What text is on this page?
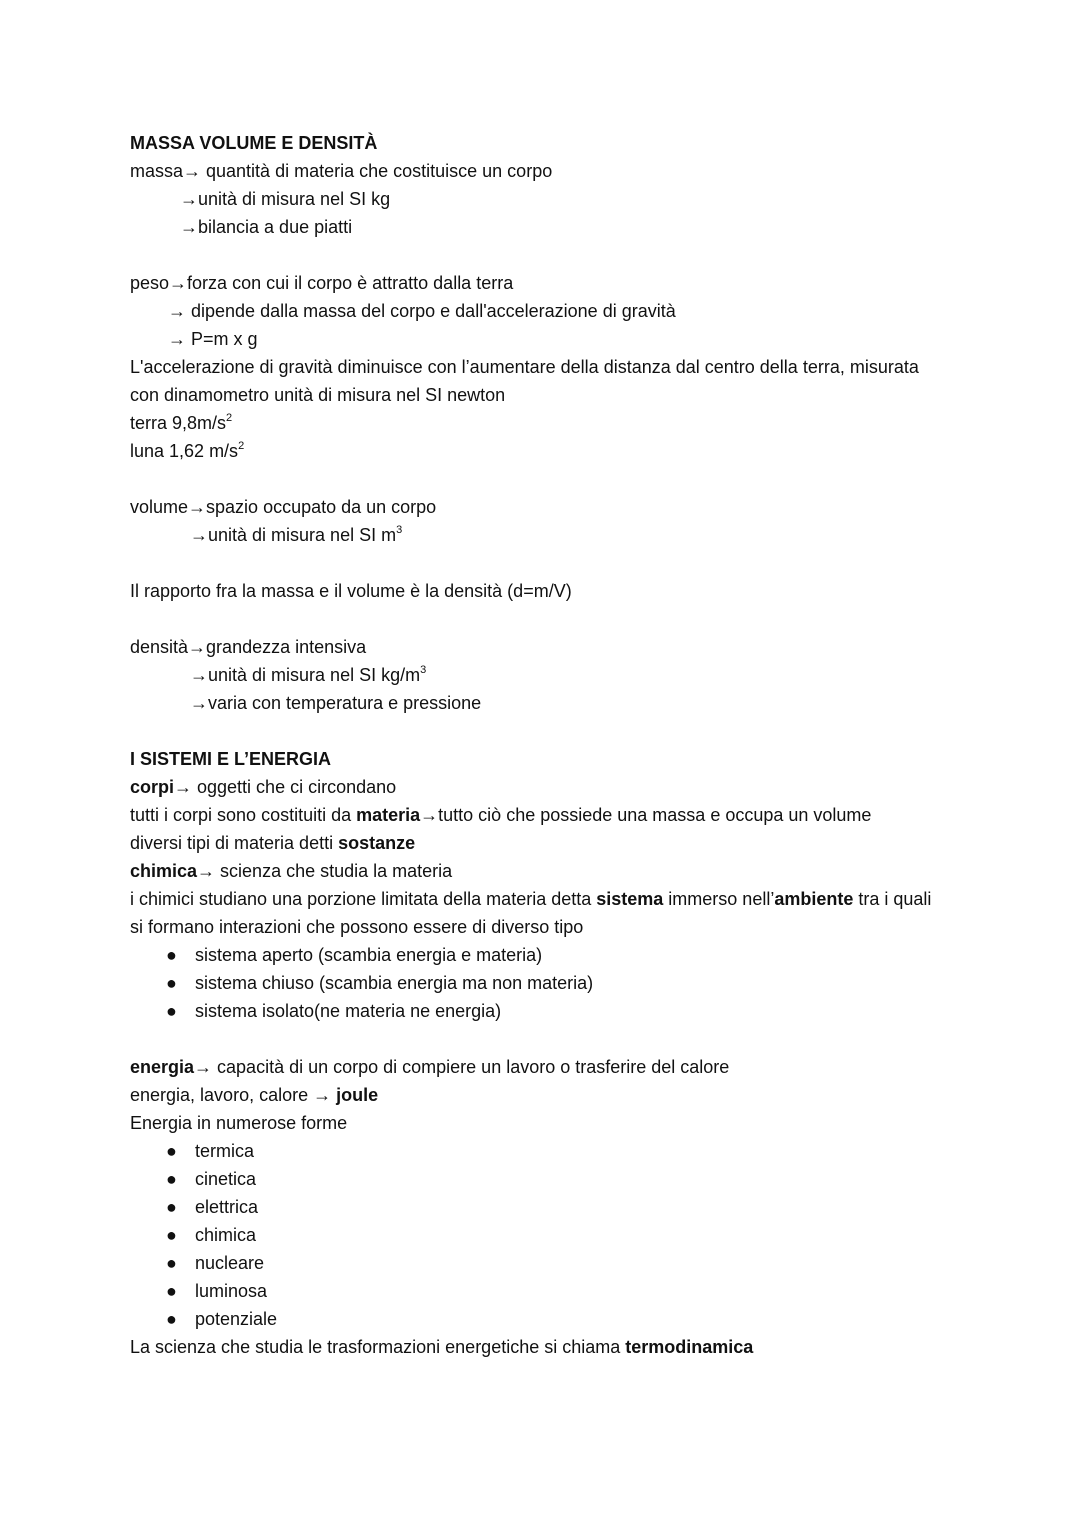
MASSA VOLUME E DENSITÀ
massa→ quantità di materia che costituisce un corpo
→unità di misura nel SI kg
→bilancia a due piatti
peso→forza con cui il corpo è attratto dalla terra
→ dipende dalla massa del corpo e dall'accelerazione di gravità
→ P=m x g
L'accelerazione di gravità diminuisce con l’aumentare della distanza dal centro della terra, misurata
con dinamometro unità di misura nel SI newton
terra $9,8m/s^2$
luna 1,62 $m/s^2$
volume→spazio occupato da un corpo
→unità di misura nel SI $m^3$
Il rapporto fra la massa e il volume è la densità (d=m/V)
densità→grandezza intensiva
→unità di misura nel SI $kg/m^3$
→varia con temperatura e pressione
I SISTEMI E L’ENERGIA
corpi→ oggetti che ci circondano
tutti i corpi sono costituiti da materia→tutto ciò che possiede una massa e occupa un volume
diversi tipi di materia detti sostanze
chimica→ scienza che studia la materia
i chimici studiano una porzione limitata della materia detta sistema immerso nell’ambiente tra i quali
si formano interazioni che possono essere di diverso tipo
● sistema aperto (scambia energia e materia)
● sistema chiuso (scambia energia ma non materia)
● sistema isolato(ne materia ne energia)
energia→ capacità di un corpo di compiere un lavoro o trasferire del calore
energia, lavoro, calore → joule
Energia in numerose forme
● termica
● cinetica
● elettrica
● chimica
● nucleare
● luminosa
● potenziale
La scienza che studia le trasformazioni energetiche si chiama termodinamica
